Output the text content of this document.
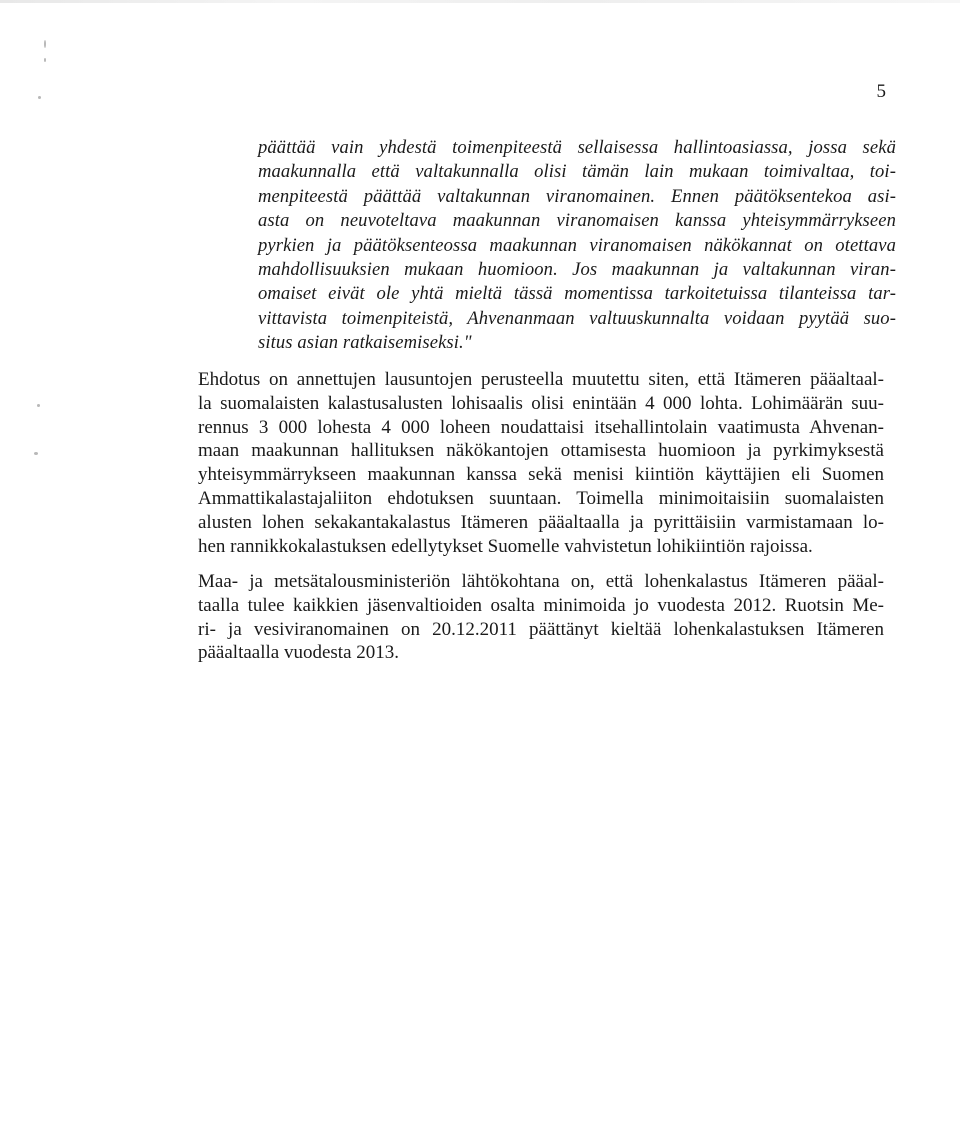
5
päättää vain yhdestä toimenpiteestä sellaisessa hallintoasiassa, jossa sekä
maakunnalla että valtakunnalla olisi tämän lain mukaan toimivaltaa, toi-
menpiteestä päättää valtakunnan viranomainen. Ennen päätöksentekoa asi-
asta on neuvoteltava maakunnan viranomaisen kanssa yhteisymmärrykseen
pyrkien ja päätöksenteossa maakunnan viranomaisen näkökannat on otettava
mahdollisuuksien mukaan huomioon. Jos maakunnan ja valtakunnan viran-
omaiset eivät ole yhtä mieltä tässä momentissa tarkoitetuissa tilanteissa tar-
vittavista toimenpiteistä, Ahvenanmaan valtuuskunnalta voidaan pyytää suo-
situs asian ratkaisemiseksi."
Ehdotus on annettujen lausuntojen perusteella muutettu siten, että Itämeren pääaltaal-
la suomalaisten kalastusalusten lohisaalis olisi enintään 4 000 lohta. Lohimäärän suu-
rennus 3 000 lohesta 4 000 loheen noudattaisi itsehallintolain vaatimusta Ahvenan-
maan maakunnan hallituksen näkökantojen ottamisesta huomioon ja pyrkimyksestä
yhteisymmärrykseen maakunnan kanssa sekä menisi kiintiön käyttäjien eli Suomen
Ammattikalastajaliiton ehdotuksen suuntaan. Toimella minimoitaisiin suomalaisten
alusten lohen sekakantakalastus Itämeren pääaltaalla ja pyrittäisiin varmistamaan lo-
hen rannikkokalastuksen edellytykset Suomelle vahvistetun lohikiintiön rajoissa.
Maa- ja metsätalousministeriön lähtökohtana on, että lohenkalastus Itämeren pääal-
taalla tulee kaikkien jäsenvaltioiden osalta minimoida jo vuodesta 2012. Ruotsin Me-
ri- ja vesiviranomainen on 20.12.2011 päättänyt kieltää lohenkalastuksen Itämeren
pääaltaalla vuodesta 2013.
